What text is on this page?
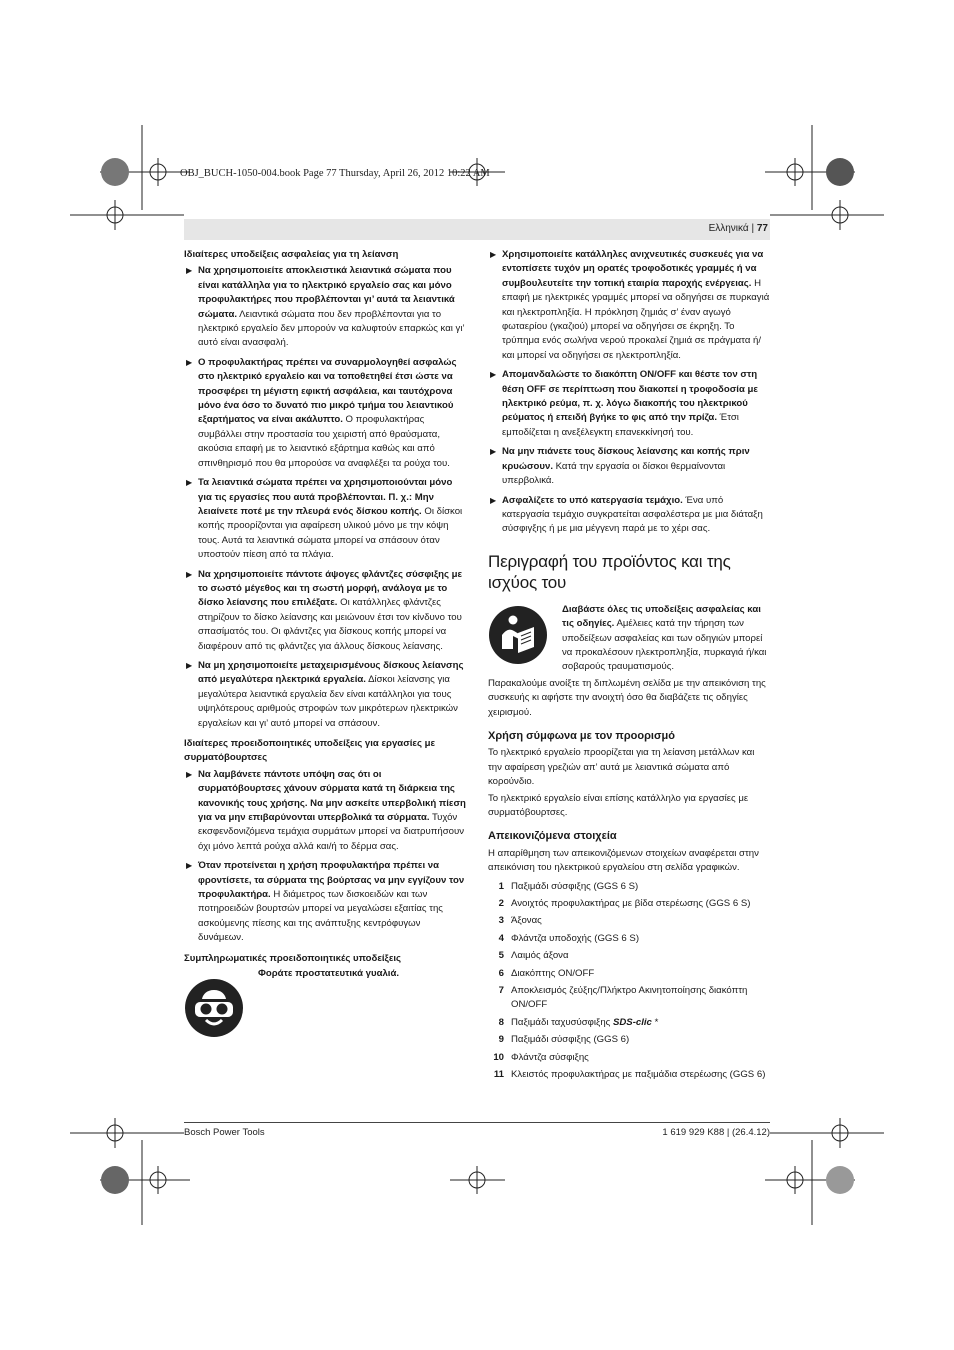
OBJ_BUCH-1050-004.book Page 77 Thursday, April 26, 2012 10:22 AM
Ελληνικά | 77

Ιδιαίτερες υποδείξεις ασφαλείας για τη λείανση

▶ Να χρησιμοποιείτε αποκλειστικά λειαντικά σώματα που είναι κατάλληλα για το ηλεκτρικό εργαλείο σας και μόνο προφυλακτήρες που προβλέπονται γι’ αυτά τα λειαντικά σώματα. Λειαντικά σώματα που δεν προβλέπονται για το ηλεκτρικό εργαλείο δεν μπορούν να καλυφτούν επαρκώς και γι’ αυτό είναι ανασφαλή.
▶ Ο προφυλακτήρας πρέπει να συναρμολογηθεί ασφαλώς στο ηλεκτρικό εργαλείο και να τοποθετηθεί έτσι ώστε να προσφέρει τη μέγιστη εφικτή ασφάλεια, και ταυτόχρονα μόνο ένα όσο το δυνατό πιο μικρό τμήμα του λειαντικού εξαρτήματος να είναι ακάλυπτο. Ο προφυλακτήρας συμβάλλει στην προστασία του χειριστή από θραύσματα, ακούσια επαφή με το λειαντικό εξάρτημα καθώς και από σπινθηρισμό που θα μπορούσε να αναφλέξει τα ρούχα του.
▶ Τα λειαντικά σώματα πρέπει να χρησιμοποιούνται μόνο για τις εργασίες που αυτά προβλέπονται. Π. χ.: Μην λειαίνετε ποτέ με την πλευρά ενός δίσκου κοπής. Οι δίσκοι κοπής προορίζονται για αφαίρεση υλικού μόνο με την κόψη τους. Αυτά τα λειαντικά σώματα μπορεί να σπάσουν όταν υποστούν πίεση από τα πλάγια.
▶ Να χρησιμοποιείτε πάντοτε άψογες φλάντζες σύσφιξης με το σωστό μέγεθος και τη σωστή μορφή, ανάλογα με το δίσκο λείανσης που επιλέξατε. Οι κατάλληλες φλάντζες στηρίζουν το δίσκο λείανσης και μειώνουν έτσι τον κίνδυνο του σπασίματός του. Οι φλάντζες για δίσκους κοπής μπορεί να διαφέρουν από τις φλάντζες για άλλους δίσκους λείανσης.
▶ Να μη χρησιμοποιείτε μεταχειρισμένους δίσκους λείανσης από μεγαλύτερα ηλεκτρικά εργαλεία. Δίσκοι λείανσης για μεγαλύτερα λειαντικά εργαλεία δεν είναι κατάλληλοι για τους υψηλότερους αριθμούς στροφών των μικρότερων ηλεκτρικών εργαλείων και γι’ αυτό μπορεί να σπάσουν.

Ιδιαίτερες προειδοποιητικές υποδείξεις για εργασίες με συρματόβουρτσες

▶ Να λαμβάνετε πάντοτε υπόψη σας ότι οι συρματόβουρτσες χάνουν σύρματα κατά τη διάρκεια της κανονικής τους χρήσης. Να μην ασκείτε υπερβολική πίεση για να μην επιβαρύνονται υπερβολικά τα σύρματα. Τυχόν εκσφενδονιζόμενα τεμάχια συρμάτων μπορεί να διατρυπήσουν όχι μόνο λεπτά ρούχα αλλά και/ή το δέρμα σας.
▶ Όταν προτείνεται η χρήση προφυλακτήρα πρέπει να φροντίσετε, τα σύρματα της βούρτσας να μην εγγίζουν τον προφυλακτήρα. Η διάμετρος των δισκοειδών και των ποτηροειδών βουρτσών μπορεί να μεγαλώσει εξαιτίας της ασκούμενης πίεσης και της ανάπτυξης κεντρόφυγων δυνάμεων.

Συμπληρωματικές προειδοποιητικές υποδείξεις

Φοράτε προστατευτικά γυαλιά.
▶ Χρησιμοποιείτε κατάλληλες ανιχνευτικές συσκευές για να εντοπίσετε τυχόν μη ορατές τροφοδοτικές γραμμές ή να συμβουλευτείτε την τοπική εταιρία παροχής ενέργειας. Η επαφή με ηλεκτρικές γραμμές μπορεί να οδηγήσει σε πυρκαγιά και ηλεκτροπληξία. Η πρόκληση ζημιάς σ’ έναν αγωγό φωταερίου (γκαζιού) μπορεί να οδηγήσει σε έκρηξη. Το τρύπημα ενός σωλήνα νερού προκαλεί ζημιά σε πράγματα ή/και μπορεί να οδηγήσει σε ηλεκτροπληξία.
▶ Απομανδαλώστε το διακόπτη ON/OFF και θέστε τον στη θέση OFF σε περίπτωση που διακοπεί η τροφοδοσία με ηλεκτρικό ρεύμα, π. χ. λόγω διακοπής του ηλεκτρικού ρεύματος ή επειδή βγήκε το φις από την πρίζα. Έτσι εμποδίζεται η ανεξέλεγκτη επανεκκίνησή του.
▶ Να μην πιάνετε τους δίσκους λείανσης και κοπής πριν κρυώσουν. Κατά την εργασία οι δίσκοι θερμαίνονται υπερβολικά.
▶ Ασφαλίζετε το υπό κατεργασία τεμάχιο. Ένα υπό κατεργασία τεμάχιο συγκρατείται ασφαλέστερα με μια διάταξη σύσφιγξης ή με μια μέγγενη παρά με το χέρι σας.
Περιγραφή του προϊόντος και της ισχύος του
Διαβάστε όλες τις υποδείξεις ασφαλείας και τις οδηγίες. Αμέλειες κατά την τήρηση των υποδείξεων ασφαλείας και των οδηγιών μπορεί να προκαλέσουν ηλεκτροπληξία, πυρκαγιά ή/και σοβαρούς τραυματισμούς.

Παρακαλούμε ανοίξτε τη διπλωμένη σελίδα με την απεικόνιση της συσκευής κι αφήστε την ανοιχτή όσο θα διαβάζετε τις οδηγίες χειρισμού.

Χρήση σύμφωνα με τον προορισμό

Το ηλεκτρικό εργαλείο προορίζεται για τη λείανση μετάλλων και την αφαίρεση γρεζιών απ’ αυτά με λειαντικά σώματα από κορούνδιο.

Το ηλεκτρικό εργαλείο είναι επίσης κατάλληλο για εργασίες με συρματόβουρτσες.

Απεικονιζόμενα στοιχεία

Η απαρίθμηση των απεικονιζόμενων στοιχείων αναφέρεται στην απεικόνιση του ηλεκτρικού εργαλείου στη σελίδα γραφικών.

1 Παξιμάδι σύσφιξης (GGS 6 S)
2 Ανοιχτός προφυλακτήρας με βίδα στερέωσης (GGS 6 S)
3 Άξονας
4 Φλάντζα υποδοχής (GGS 6 S)
5 Λαιμός άξονα
6 Διακόπτης ON/OFF
7 Αποκλεισμός ζεύξης/Πλήκτρο Ακινητοποίησης διακόπτη ON/OFF
8 Παξιμάδι ταχυσύσφιξης SDS-clic *
9 Παξιμάδι σύσφιξης (GGS 6)
10 Φλάντζα σύσφιξης
11 Κλειστός προφυλακτήρας με παξιμάδια στερέωσης (GGS 6)
Bosch Power Tools	1 619 929 K88 | (26.4.12)
